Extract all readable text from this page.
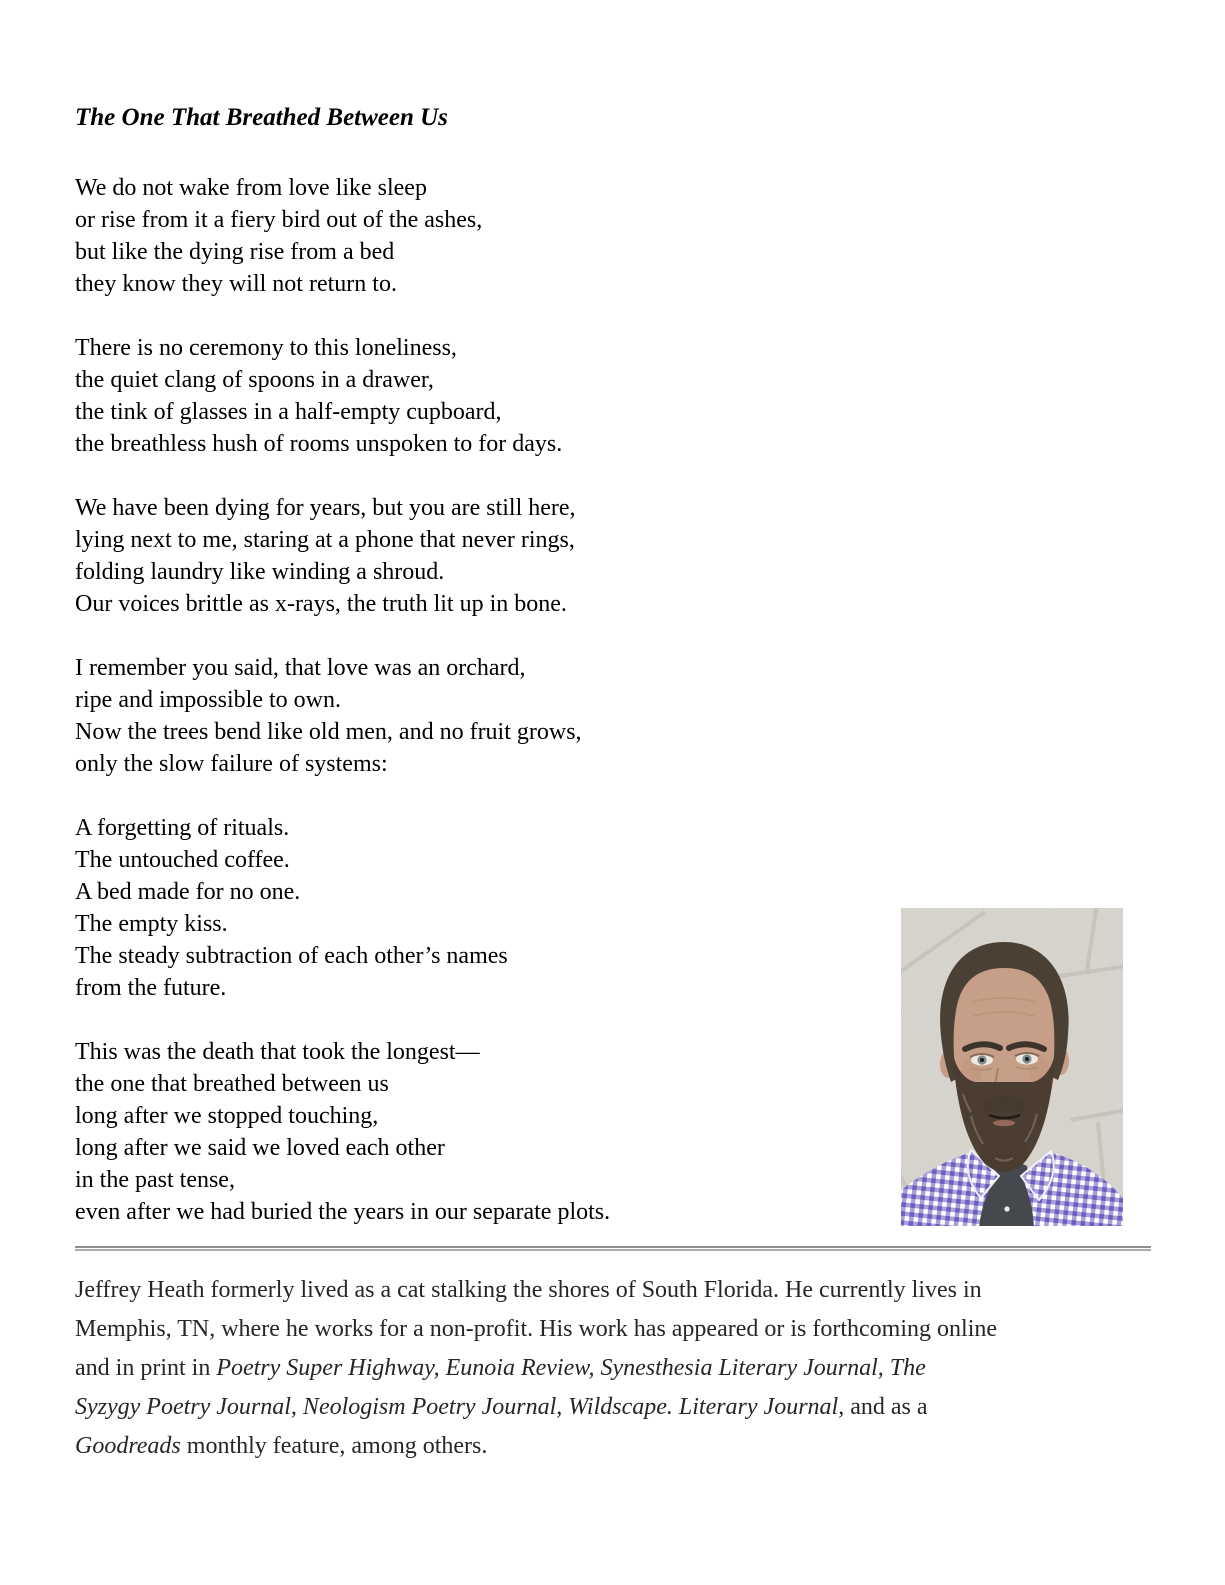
The One That Breathed Between Us
We do not wake from love like sleep
or rise from it a fiery bird out of the ashes,
but like the dying rise from a bed
they know they will not return to.
There is no ceremony to this loneliness,
the quiet clang of spoons in a drawer,
the tink of glasses in a half-empty cupboard,
the breathless hush of rooms unspoken to for days.
We have been dying for years, but you are still here,
lying next to me, staring at a phone that never rings,
folding laundry like winding a shroud.
Our voices brittle as x-rays, the truth lit up in bone.
I remember you said, that love was an orchard,
ripe and impossible to own.
Now the trees bend like old men, and no fruit grows,
only the slow failure of systems:
A forgetting of rituals.
The untouched coffee.
A bed made for no one.
The empty kiss.
The steady subtraction of each other’s names
from the future.
This was the death that took the longest—
the one that breathed between us
long after we stopped touching,
long after we said we loved each other
in the past tense,
even after we had buried the years in our separate plots.
Jeffrey Heath formerly lived as a cat stalking the shores of South Florida. He currently lives in
Memphis, TN, where he works for a non-profit. His work has appeared or is forthcoming online
and in print in Poetry Super Highway, Eunoia Review, Synesthesia Literary Journal, The
Syzygy Poetry Journal, Neologism Poetry Journal, Wildscape. Literary Journal, and as a
Goodreads monthly feature, among others.
